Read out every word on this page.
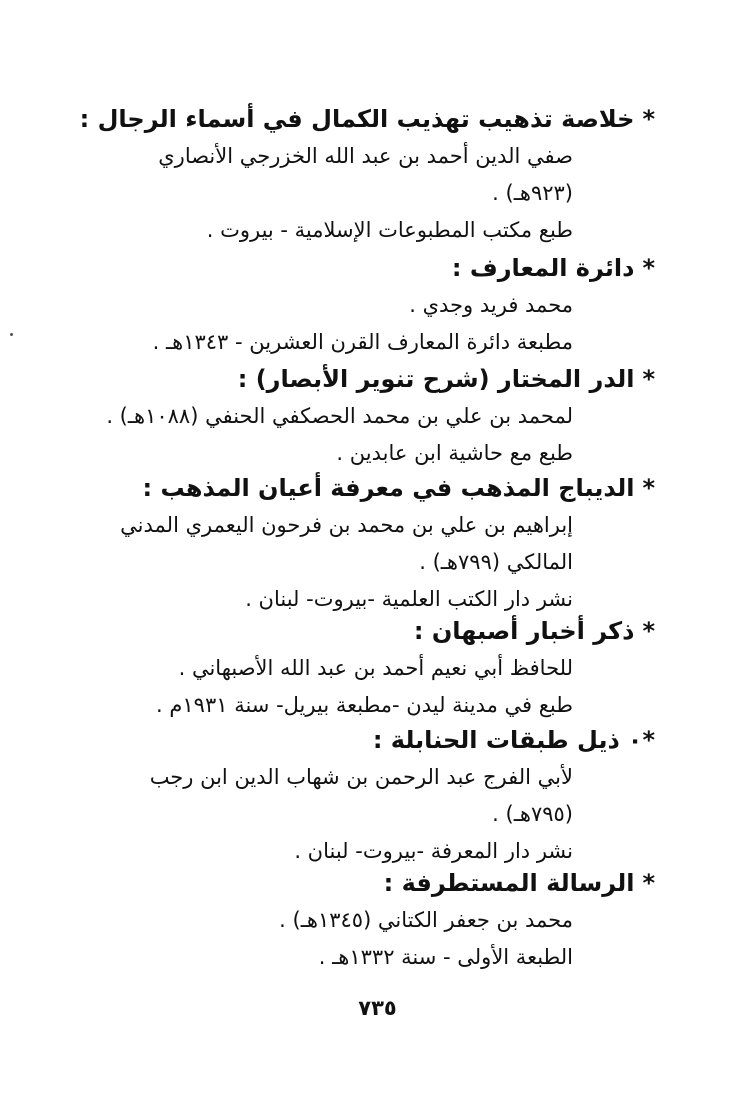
*خلاصة تذهيب تهذيب الكمال في أسماء الرجال :
صفي الدين أحمد بن عبد الله الخزرجي الأنصاري
(٩٢٣هـ) .
طبع مكتب المطبوعات الإسلامية - بيروت .
*دائرة المعارف :
محمد فريد وجدي .
مطبعة دائرة المعارف القرن العشرين - ١٣٤٣هـ .
*الدر المختار (شرح تنوير الأبصار) :
لمحمد بن علي بن محمد الحصكفي الحنفي (١٠٨٨هـ) .
طبع مع حاشية ابن عابدين .
*الديباج المذهب في معرفة أعيان المذهب :
إبراهيم بن علي بن محمد بن فرحون اليعمري المدني
المالكي (٧٩٩هـ) .
نشر دار الكتب العلمية -بيروت- لبنان .
*ذكر أخبار أصبهان :
للحافظ أبي نعيم أحمد بن عبد الله الأصبهاني .
طبع في مدينة ليدن -مطبعة بيريل- سنة ١٩٣١م .
*٠ذيل طبقات الحنابلة :
لأبي الفرج عبد الرحمن بن شهاب الدين ابن رجب
(٧٩٥هـ) .
نشر دار المعرفة -بيروت- لبنان .
*الرسالة المستطرفة :
محمد بن جعفر الكتاني (١٣٤٥هـ) .
الطبعة الأولى - سنة ١٣٣٢هـ .
٧٣٥
